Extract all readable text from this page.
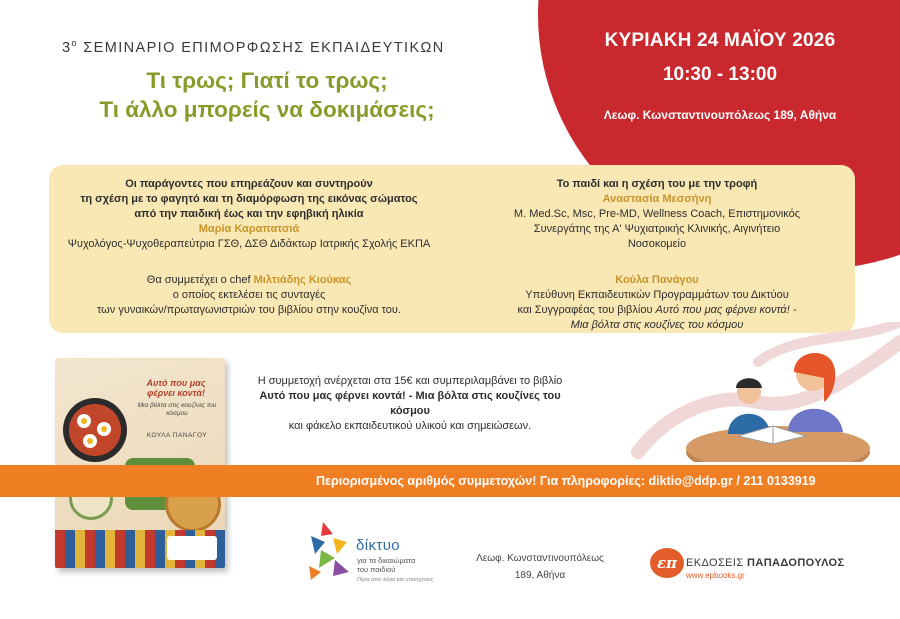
ΚΥΡΙΑΚΗ 24 ΜΑΪΟΥ 2026
10:30 - 13:00
Λεωφ. Κωνσταντινουπόλεως 189, Αθήνα
$3^o$ ΣΕΜΙΝΑΡΙΟ ΕΠΙΜΟΡΦΩΣΗΣ ΕΚΠΑΙΔΕΥΤΙΚΩΝ
Τι τρως; Γιατί το τρως;
Τι άλλο μπορείς να δοκιμάσεις;
Οι παράγοντες που επηρεάζουν και συντηρούν
τη σχέση με το φαγητό και τη διαμόρφωση της εικόνας σώματος
από την παιδική έως και την εφηβική ηλικία
Μαρία Καραπατσιά
Ψυχολόγος-Ψυχοθεραπεύτρια ΓΣΘ, ΔΣΘ Διδάκτωρ Ιατρικής Σχολής ΕΚΠΑ
Θα συμμετέχει ο chef Μιλτιάδης Κιούκας
ο οποίος εκτελέσει τις συνταγές
των γυναικών/πρωταγωνιστριών του βιβλίου στην κουζίνα του.
Το παιδί και η σχέση του με την τροφή
Αναστασία Μεσσήνη
M. Med.Sc, Msc, Pre-MD, Wellness Coach, Επιστημονικός
Συνεργάτης της Α' Ψυχιατρικής Κλινικής, Αιγινήτειο
Νοσοκομείο
Κούλα Πανάγου
Υπεύθυνη Εκπαιδευτικών Προγραμμάτων του Δικτύου
και Συγγραφέας του βιβλίου Αυτό που μας φέρνει κοντά! -
Μια βόλτα στις κουζίνες του κόσμου
Αυτό που μας φέρνει κοντά!
Μια βόλτα στις κουζίνες του κόσμου
ΚΟΥΛΑ ΠΑΝΑΓΟΥ
Η συμμετοχή ανέρχεται στα 15€ και συμπεριλαμβάνει το βιβλίο
Αυτό που μας φέρνει κοντά! - Μια βόλτα στις κουζίνες του κόσμου
και φάκελο εκπαιδευτικού υλικού και σημειώσεων.
Περιορισμένος αριθμός συμμετοχών! Για πληροφορίες: diktio@ddp.gr / 211 0133919
δίκτυο
για τα δικαιώματα
του παιδιού
Πέρα από λόγια και υποσχέσεις
Λεωφ. Κωνσταντινουπόλεως
189, Αθήνα
επ ΕΚΔΟΣΕΙΣ ΠΑΠΑΔΟΠΟΥΛΟΣ
www.epbooks.gr
